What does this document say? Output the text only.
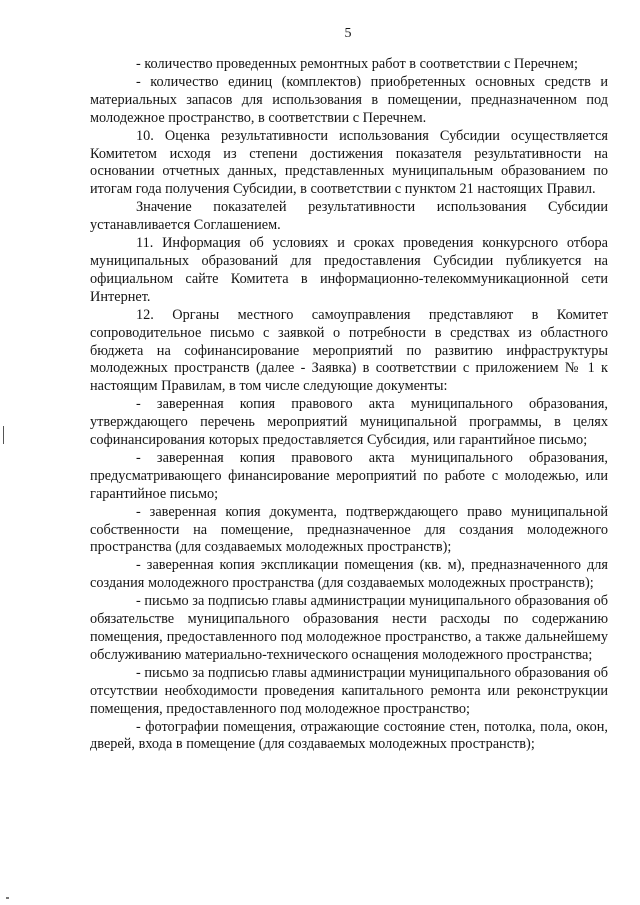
5

- количество проведенных ремонтных работ в соответствии с Перечнем;

- количество единиц (комплектов) приобретенных основных средств и материальных запасов для использования в помещении, предназначенном под молодежное пространство, в соответствии с Перечнем.

10. Оценка результативности использования Субсидии осуществляется Комитетом исходя из степени достижения показателя результативности на основании отчетных данных, представленных муниципальным образованием по итогам года получения Субсидии, в соответствии с пунктом 21 настоящих Правил.

Значение показателей результативности использования Субсидии устанавливается Соглашением.

11. Информация об условиях и сроках проведения конкурсного отбора муниципальных образований для предоставления Субсидии публикуется на официальном сайте Комитета в информационно-телекоммуникационной сети Интернет.

12. Органы местного самоуправления представляют в Комитет сопроводительное письмо с заявкой о потребности в средствах из областного бюджета на софинансирование мероприятий по развитию инфраструктуры молодежных пространств (далее - Заявка) в соответствии с приложением № 1 к настоящим Правилам, в том числе следующие документы:

- заверенная копия правового акта муниципального образования, утверждающего перечень мероприятий муниципальной программы, в целях софинансирования которых предоставляется Субсидия, или гарантийное письмо;

- заверенная копия правового акта муниципального образования, предусматривающего финансирование мероприятий по работе с молодежью, или гарантийное письмо;

- заверенная копия документа, подтверждающего право муниципальной собственности на помещение, предназначенное для создания молодежного пространства (для создаваемых молодежных пространств);

- заверенная копия экспликации помещения (кв. м), предназначенного для создания молодежного пространства (для создаваемых молодежных пространств);

- письмо за подписью главы администрации муниципального образования об обязательстве муниципального образования нести расходы по содержанию помещения, предоставленного под молодежное пространство, а также дальнейшему обслуживанию материально-технического оснащения молодежного пространства;

- письмо за подписью главы администрации муниципального образования об отсутствии необходимости проведения капитального ремонта или реконструкции помещения, предоставленного под молодежное пространство;

- фотографии помещения, отражающие состояние стен, потолка, пола, окон, дверей, входа в помещение (для создаваемых молодежных пространств);
